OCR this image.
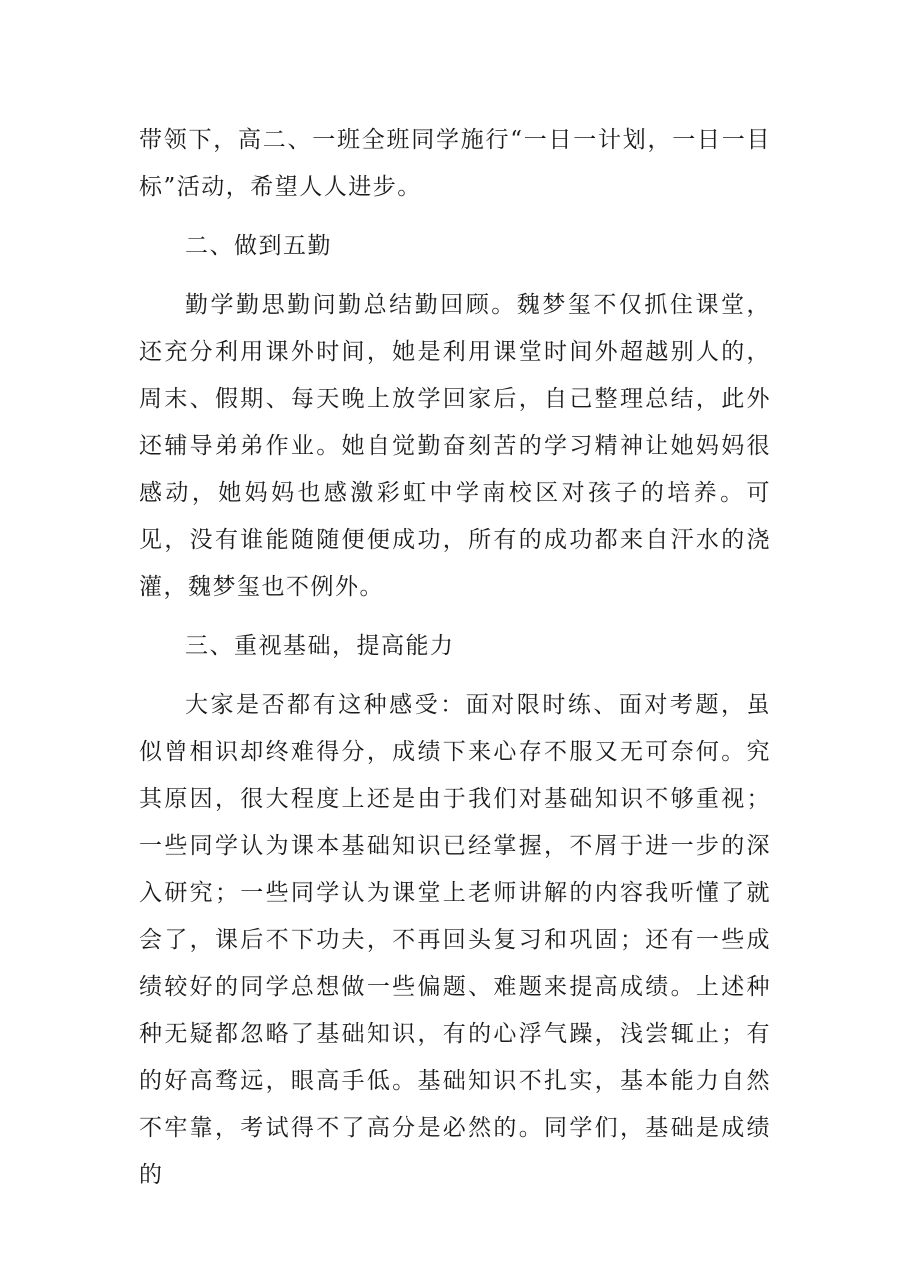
带领下，高二、一班全班同学施行“一日一计划，一日一目标”活动，希望人人进步。

二、做到五勤

勤学勤思勤问勤总结勤回顾。魏梦玺不仅抓住课堂，还充分利用课外时间，她是利用课堂时间外超越别人的，周末、假期、每天晚上放学回家后，自己整理总结，此外还辅导弟弟作业。她自觉勤奋刻苦的学习精神让她妈妈很感动，她妈妈也感激彩虹中学南校区对孩子的培养。可见，没有谁能随随便便成功，所有的成功都来自汗水的浇灌，魏梦玺也不例外。

三、重视基础，提高能力

大家是否都有这种感受：面对限时练、面对考题，虽似曾相识却终难得分，成绩下来心存不服又无可奈何。究其原因，很大程度上还是由于我们对基础知识不够重视；一些同学认为课本基础知识已经掌握，不屑于进一步的深入研究；一些同学认为课堂上老师讲解的内容我听懂了就会了，课后不下功夫，不再回头复习和巩固；还有一些成绩较好的同学总想做一些偏题、难题来提高成绩。上述种种无疑都忽略了基础知识，有的心浮气躁，浅尝辄止；有的好高骛远，眼高手低。基础知识不扎实，基本能力自然不牢靠，考试得不了高分是必然的。同学们，基础是成绩的
